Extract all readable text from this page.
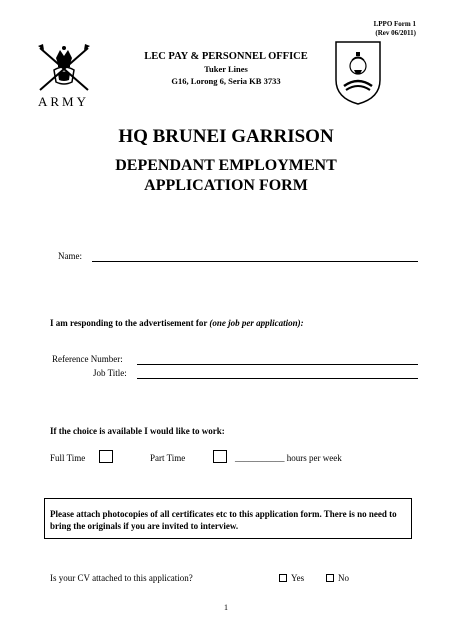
LPPO Form 1
(Rev 06/2011)
ARMY
LEC PAY & PERSONNEL OFFICE
Tuker Lines
G16, Lorong 6, Seria KB 3733
HQ BRUNEI GARRISON
DEPENDANT EMPLOYMENT
APPLICATION FORM
Name:
I am responding to the advertisement for (one job per application):
Reference Number:
Job Title:
If the choice is available I would like to work:
Full Time	Part Time	___________ hours per week
Please attach photocopies of all certificates etc to this application form. There is no need to bring the originals if you are invited to interview.
Is your CV attached to this application?	Yes	No
1
